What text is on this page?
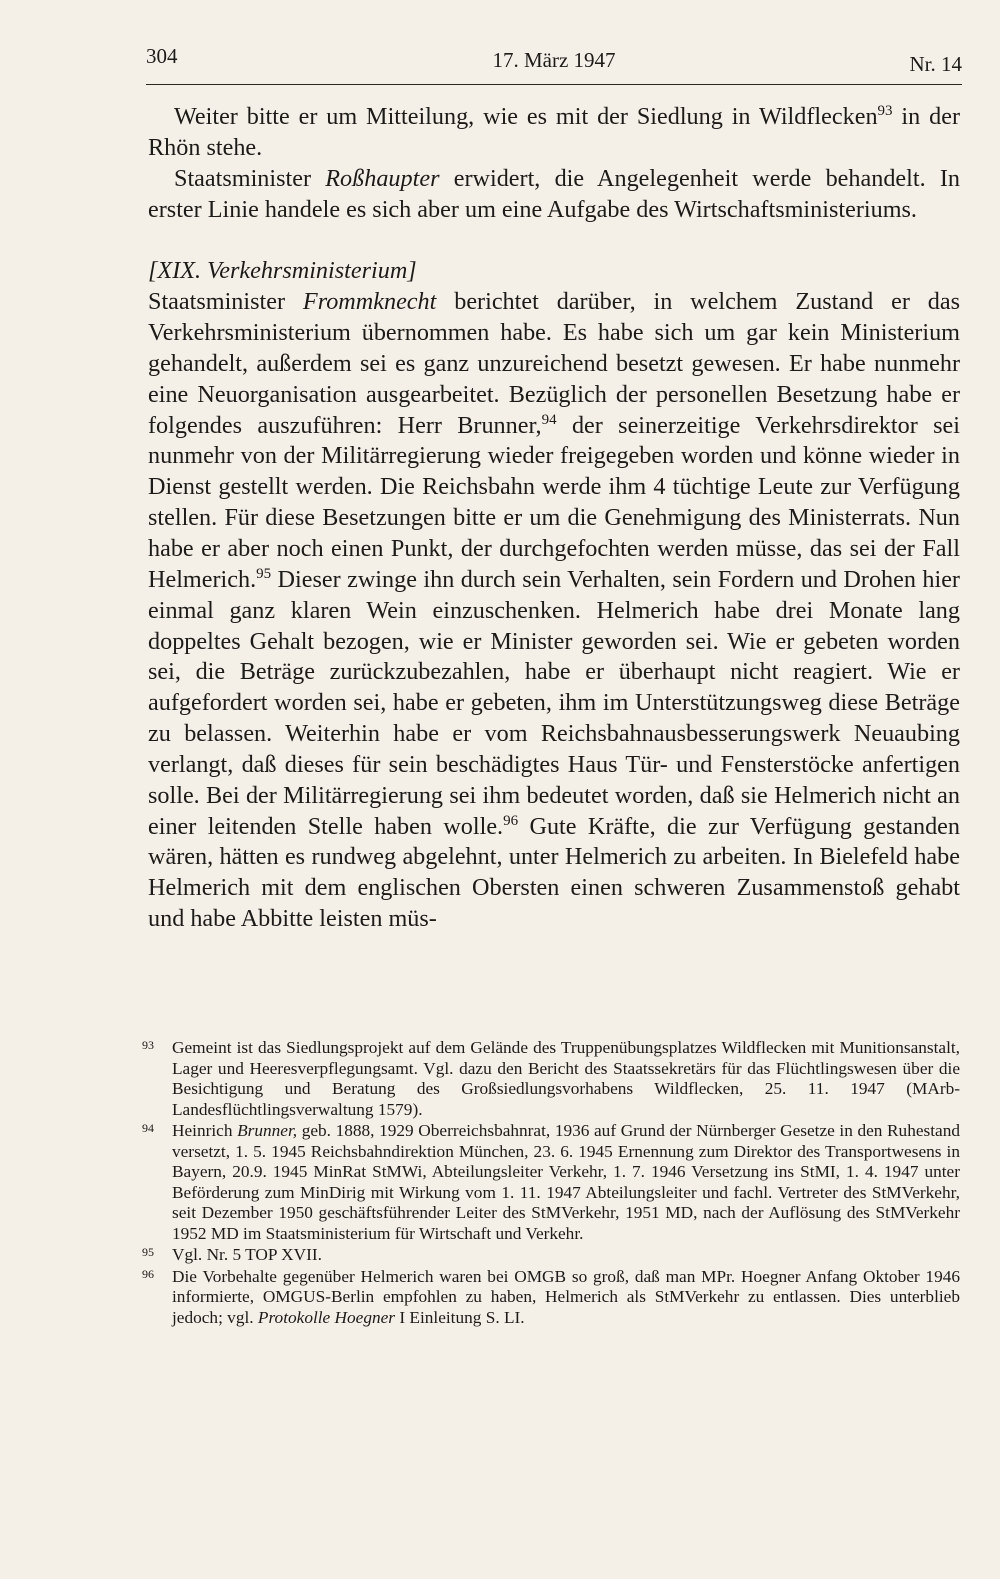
304	17. März 1947	Nr. 14

Weiter bitte er um Mitteilung, wie es mit der Siedlung in Wildflecken$^{93}$ in der Rhön stehe.

Staatsminister Roßhaupter erwidert, die Angelegenheit werde behandelt. In erster Linie handele es sich aber um eine Aufgabe des Wirtschaftsministeriums.

[XIX. Verkehrsministerium]

Staatsminister Frommknecht berichtet darüber, in welchem Zustand er das Verkehrsministerium übernommen habe. Es habe sich um gar kein Ministerium gehandelt, außerdem sei es ganz unzureichend besetzt gewesen. Er habe nunmehr eine Neuorganisation ausgearbeitet. Bezüglich der personellen Besetzung habe er folgendes auszuführen: Herr Brunner,$^{94}$ der seinerzeitige Verkehrsdirektor sei nunmehr von der Militärregierung wieder freigegeben worden und könne wieder in Dienst gestellt werden. Die Reichsbahn werde ihm 4 tüchtige Leute zur Verfügung stellen. Für diese Besetzungen bitte er um die Genehmigung des Ministerrats. Nun habe er aber noch einen Punkt, der durchgefochten werden müsse, das sei der Fall Helmerich.$^{95}$ Dieser zwinge ihn durch sein Verhalten, sein Fordern und Drohen hier einmal ganz klaren Wein einzuschenken. Helmerich habe drei Monate lang doppeltes Gehalt bezogen, wie er Minister geworden sei. Wie er gebeten worden sei, die Beträge zurückzubezahlen, habe er überhaupt nicht reagiert. Wie er aufgefordert worden sei, habe er gebeten, ihm im Unterstützungsweg diese Beträge zu belassen. Weiterhin habe er vom Reichsbahnausbesserungswerk Neuaubing verlangt, daß dieses für sein beschädigtes Haus Tür- und Fensterstöcke anfertigen solle. Bei der Militärregierung sei ihm bedeutet worden, daß sie Helmerich nicht an einer leitenden Stelle haben wolle.$^{96}$ Gute Kräfte, die zur Verfügung gestanden wären, hätten es rundweg abgelehnt, unter Helmerich zu arbeiten. In Bielefeld habe Helmerich mit dem englischen Obersten einen schweren Zusammenstoß gehabt und habe Abbitte leisten müs-

93 Gemeint ist das Siedlungsprojekt auf dem Gelände des Truppenübungsplatzes Wildflecken mit Munitionsanstalt, Lager und Heeresverpflegungsamt. Vgl. dazu den Bericht des Staatssekretärs für das Flüchtlingswesen über die Besichtigung und Beratung des Großsiedlungsvorhabens Wildflecken, 25. 11. 1947 (MArb-Landesflüchtlingsverwaltung 1579).
94 Heinrich Brunner, geb. 1888, 1929 Oberreichsbahnrat, 1936 auf Grund der Nürnberger Gesetze in den Ruhestand versetzt, 1. 5. 1945 Reichsbahndirektion München, 23. 6. 1945 Ernennung zum Direktor des Transportwesens in Bayern, 20.9. 1945 MinRat StMWi, Abteilungsleiter Verkehr, 1. 7. 1946 Versetzung ins StMI, 1. 4. 1947 unter Beförderung zum MinDirig mit Wirkung vom 1. 11. 1947 Abteilungsleiter und fachl. Vertreter des StMVerkehr, seit Dezember 1950 geschäftsführender Leiter des StMVerkehr, 1951 MD, nach der Auflösung des StMVerkehr 1952 MD im Staatsministerium für Wirtschaft und Verkehr.
95 Vgl. Nr. 5 TOP XVII.
96 Die Vorbehalte gegenüber Helmerich waren bei OMGB so groß, daß man MPr. Hoegner Anfang Oktober 1946 informierte, OMGUS-Berlin empfohlen zu haben, Helmerich als StMVerkehr zu entlassen. Dies unterblieb jedoch; vgl. Protokolle Hoegner I Einleitung S. LI.
